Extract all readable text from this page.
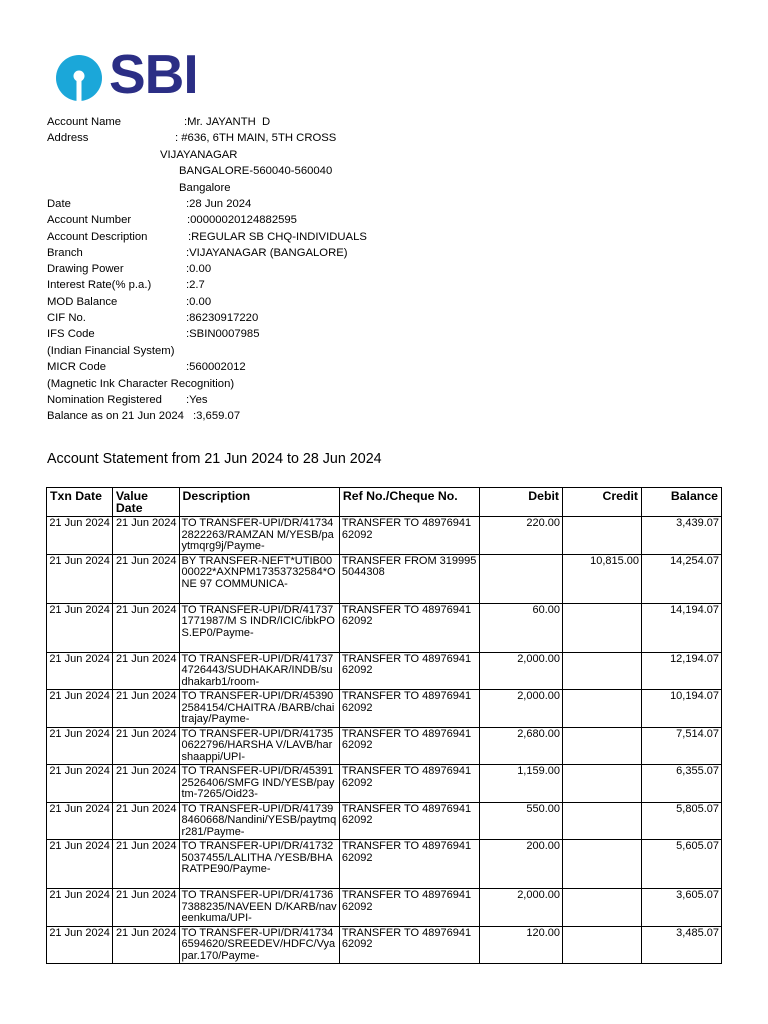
SBI

Account Name

	:Mr. JAYANTH  D

Address

	: #636, 6TH MAIN, 5TH CROSS

VIJAYANAGAR

BANGALORE-560040-560040

Bangalore

Date

	:28 Jun 2024

Account Number

	:00000020124882595

Account Description

	:REGULAR SB CHQ-INDIVIDUALS

Branch

	:VIJAYANAGAR (BANGALORE)

Drawing Power

	:0.00

Interest Rate(% p.a.)

	:2.7

MOD Balance

	:0.00

CIF No.

	:86230917220

IFS Code

	:SBIN0007985

(Indian Financial System)

MICR Code

	:560002012

(Magnetic Ink Character Recognition)

Nomination Registered

:Yes

Balance as on 21 Jun 2024

:3,659.07

Account Statement from 21 Jun 2024 to 28 Jun 2024
Txn Date	Value Date	Description	Ref No./Cheque No.	Debit	Credit	Balance
21 Jun 2024	21 Jun 2024	TO TRANSFER-UPI/DR/417342822263/RAMZAN M/YESB/paytmqrg9j/Payme-	TRANSFER TO 4897694162092	220.00		3,439.07
21 Jun 2024	21 Jun 2024	BY TRANSFER-NEFT*UTIB0000022*AXNPM17353732584*ONE 97 COMMUNICA-	TRANSFER FROM 3199955044308		10,815.00	14,254.07
21 Jun 2024	21 Jun 2024	TO TRANSFER-UPI/DR/417371771987/M S INDR/ICIC/ibkPOS.EP0/Payme-	TRANSFER TO 4897694162092	60.00		14,194.07
21 Jun 2024	21 Jun 2024	TO TRANSFER-UPI/DR/417374726443/SUDHAKAR/INDB/sudhakarb1/room-	TRANSFER TO 4897694162092	2,000.00		12,194.07
21 Jun 2024	21 Jun 2024	TO TRANSFER-UPI/DR/453902584154/CHAITRA /BARB/chaitrajay/Payme-	TRANSFER TO 4897694162092	2,000.00		10,194.07
21 Jun 2024	21 Jun 2024	TO TRANSFER-UPI/DR/417350622796/HARSHA V/LAVB/harshaappi/UPI-	TRANSFER TO 4897694162092	2,680.00		7,514.07
21 Jun 2024	21 Jun 2024	TO TRANSFER-UPI/DR/453912526406/SMFG IND/YESB/paytm-7265/Oid23-	TRANSFER TO 4897694162092	1,159.00		6,355.07
21 Jun 2024	21 Jun 2024	TO TRANSFER-UPI/DR/417398460668/Nandini/YESB/paytmqr281/Payme-	TRANSFER TO 4897694162092	550.00		5,805.07
21 Jun 2024	21 Jun 2024	TO TRANSFER-UPI/DR/417325037455/LALITHA /YESB/BHARATPE90/Payme-	TRANSFER TO 4897694162092	200.00		5,605.07
21 Jun 2024	21 Jun 2024	TO TRANSFER-UPI/DR/417367388235/NAVEEN D/KARB/naveenkuma/UPI-	TRANSFER TO 4897694162092	2,000.00		3,605.07
21 Jun 2024	21 Jun 2024	TO TRANSFER-UPI/DR/417346594620/SREEDEV/HDFC/Vyapar.170/Payme-	TRANSFER TO 4897694162092	120.00		3,485.07
